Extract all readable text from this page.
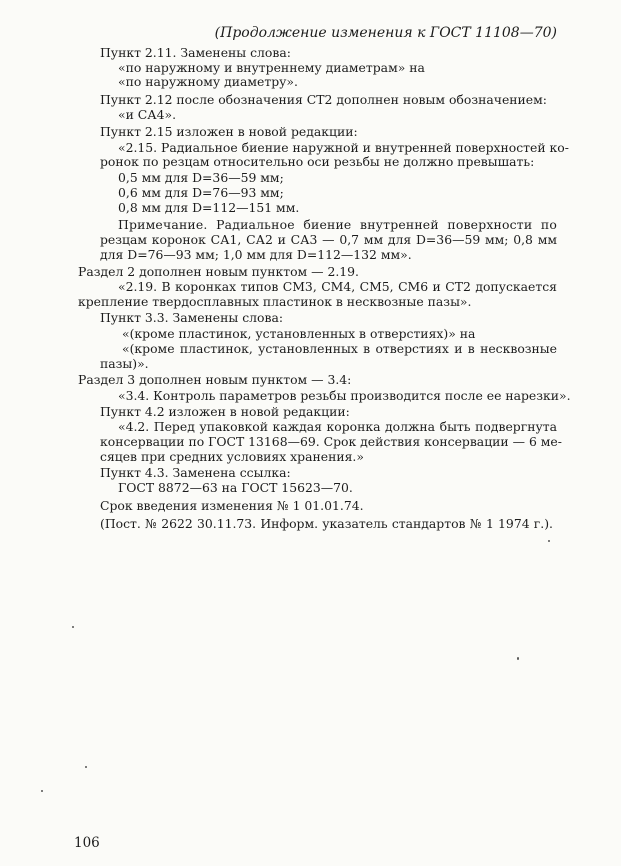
(Продолжение изменения к ГОСТ 11108—70)
Пункт 2.11. Заменены слова:
«по наружному и внутреннему диаметрам» на
«по наружному диаметру».
Пункт 2.12 после обозначения СТ2 дополнен новым обозначением:
«и СА4».
Пункт 2.15 изложен в новой редакции:
«2.15. Радиальное биение наружной и внутренней поверхностей ко-
ронок по резцам относительно оси резьбы не должно превышать:
0,5 мм для D=36—59 мм;
0,6 мм для D=76—93 мм;
0,8 мм для D=112—151 мм.
Примечание. Радиальное биение внутренней поверхности по
резцам коронок СА1, СА2 и СА3 — 0,7 мм для D=36—59 мм; 0,8 мм
для D=76—93 мм; 1,0 мм для D=112—132 мм».
Раздел 2 дополнен новым пунктом — 2.19.
«2.19. В коронках типов СМ3, СМ4, СМ5, СМ6 и СТ2 допускается
крепление твердосплавных пластинок в несквозные пазы».
Пункт 3.3. Заменены слова:
«(кроме пластинок, установленных в отверстиях)» на
«(кроме пластинок, установленных в отверстиях и в несквозные
пазы)».
Раздел 3 дополнен новым пунктом — 3.4:
«3.4. Контроль параметров резьбы производится после ее нарезки».
Пункт 4.2 изложен в новой редакции:
«4.2. Перед упаковкой каждая коронка должна быть подвергнута
консервации по ГОСТ 13168—69. Срок действия консервации — 6 ме-
сяцев при средних условиях хранения.»
Пункт 4.3. Заменена ссылка:
ГОСТ 8872—63 на ГОСТ 15623—70.
Срок введения изменения № 1 01.01.74.
(Пост. № 2622 30.11.73. Информ. указатель стандартов № 1 1974 г.).
106
